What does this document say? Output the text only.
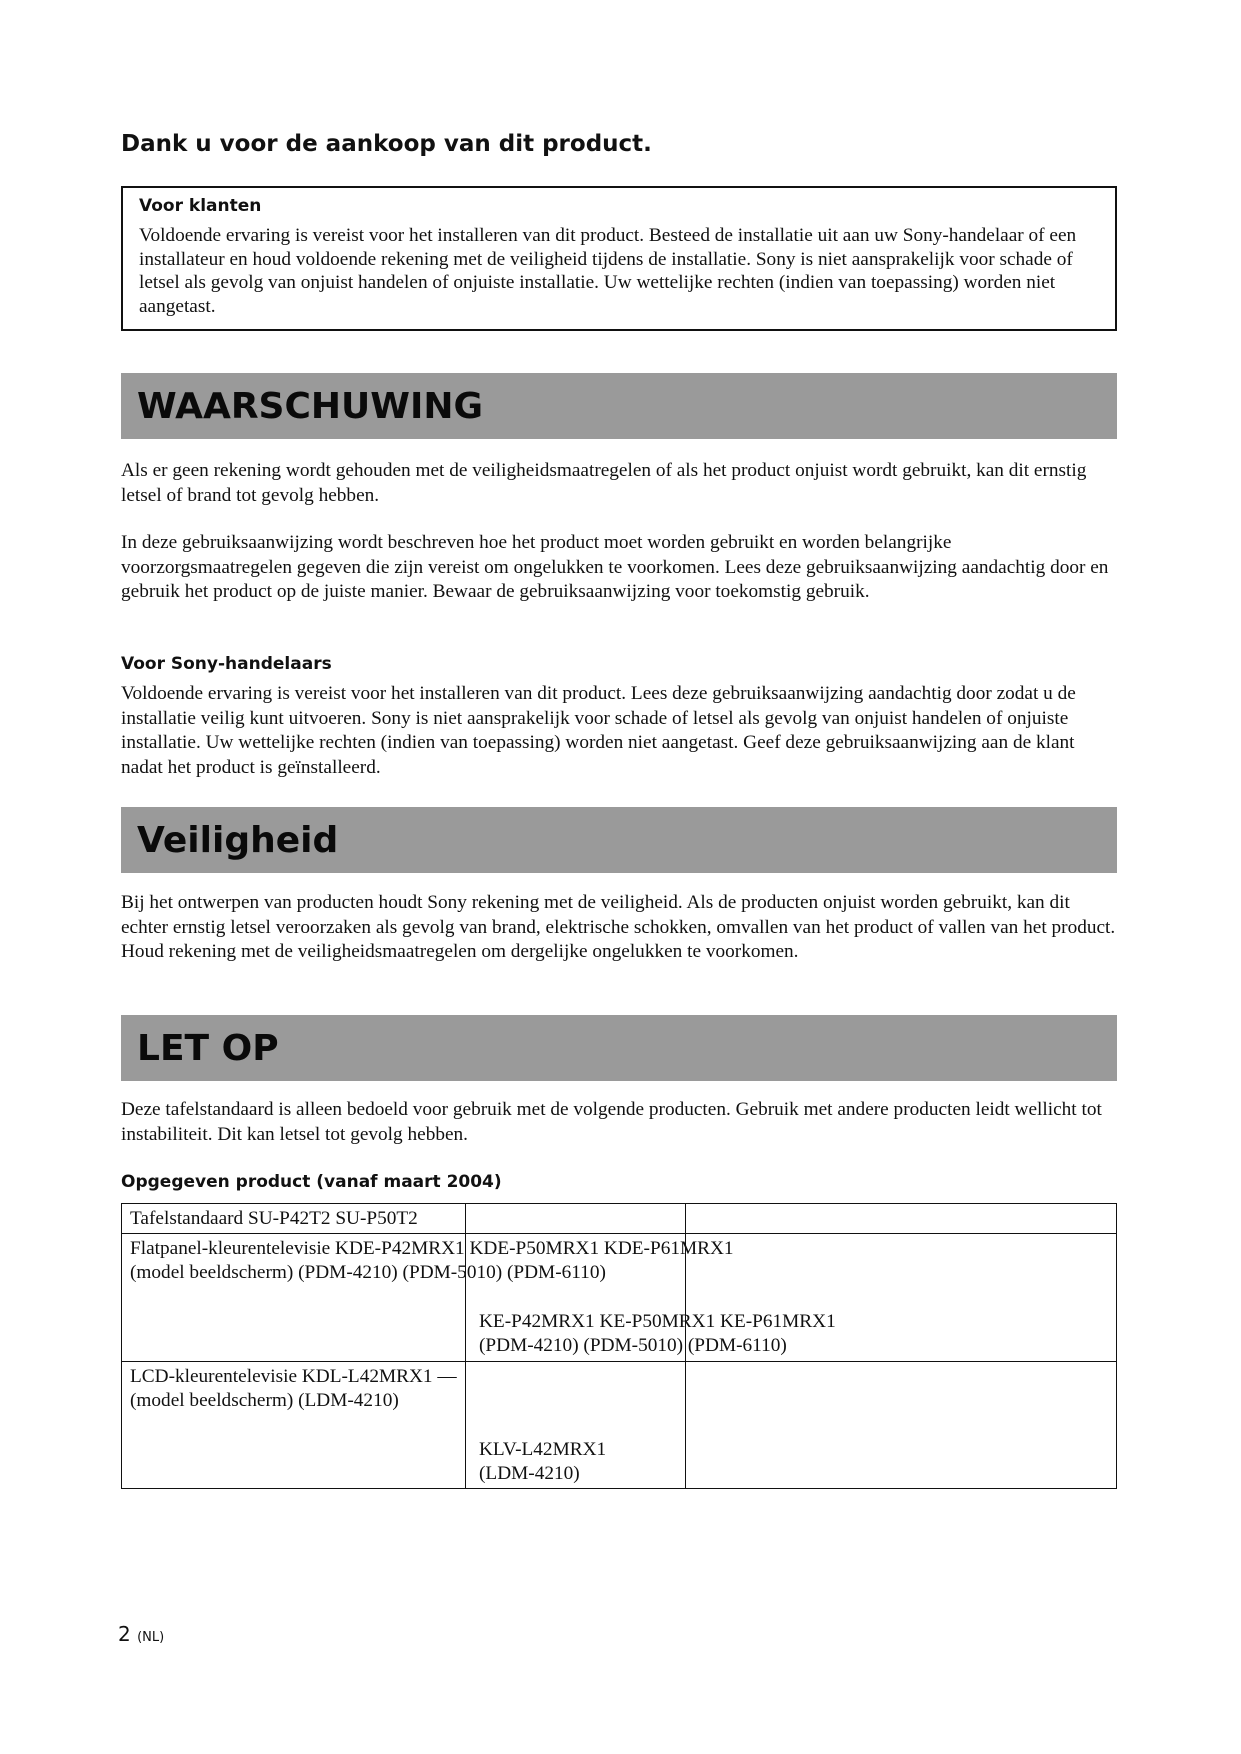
Dank u voor de aankoop van dit product.
Voor klanten

Voldoende ervaring is vereist voor het installeren van dit product. Besteed de installatie uit aan uw Sony-handelaar of een installateur en houd voldoende rekening met de veiligheid tijdens de installatie. Sony is niet aansprakelijk voor schade of letsel als gevolg van onjuist handelen of onjuiste installatie. Uw wettelijke rechten (indien van toepassing) worden niet aangetast.

WAARSCHUWING

Als er geen rekening wordt gehouden met de veiligheidsmaatregelen of als het product onjuist wordt gebruikt, kan dit ernstig letsel of brand tot gevolg hebben.

In deze gebruiksaanwijzing wordt beschreven hoe het product moet worden gebruikt en worden belangrijke voorzorgsmaatregelen gegeven die zijn vereist om ongelukken te voorkomen. Lees deze gebruiksaanwijzing aandachtig door en gebruik het product op de juiste manier. Bewaar de gebruiksaanwijzing voor toekomstig gebruik.

Voor Sony-handelaars

Voldoende ervaring is vereist voor het installeren van dit product. Lees deze gebruiksaanwijzing aandachtig door zodat u de installatie veilig kunt uitvoeren. Sony is niet aansprakelijk voor schade of letsel als gevolg van onjuist handelen of onjuiste installatie. Uw wettelijke rechten (indien van toepassing) worden niet aangetast. Geef deze gebruiksaanwijzing aan de klant nadat het product is geïnstalleerd.

Veiligheid

Bij het ontwerpen van producten houdt Sony rekening met de veiligheid. Als de producten onjuist worden gebruikt, kan dit echter ernstig letsel veroorzaken als gevolg van brand, elektrische schokken, omvallen van het product of vallen van het product. Houd rekening met de veiligheidsmaatregelen om dergelijke ongelukken te voorkomen.

LET OP

Deze tafelstandaard is alleen bedoeld voor gebruik met de volgende producten. Gebruik met andere producten leidt wellicht tot instabiliteit. Dit kan letsel tot gevolg hebben.

Opgegeven product (vanaf maart 2004)
Tafelstandaard SU-P42T2 SU-P50T2
Flatpanel-kleurentelevisie KDE-P42MRX1 KDE-P50MRX1 KDE-P61MRX1
(model beeldscherm) (PDM-4210) (PDM-5010) (PDM-6110)
KE-P42MRX1 KE-P50MRX1 KE-P61MRX1
(PDM-4210) (PDM-5010) (PDM-6110)
LCD-kleurentelevisie KDL-L42MRX1 —
(model beeldscherm) (LDM-4210)
KLV-L42MRX1
(LDM-4210)
2 (NL)
